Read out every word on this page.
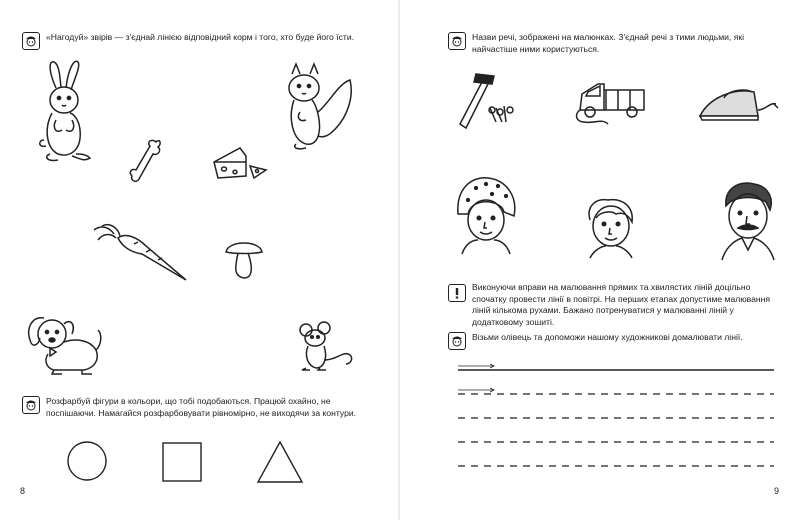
«Нагодуй» звірів — з'єднай лінією відповідний корм і того, хто буде його їсти.
Розфарбуй фігури в кольори, що тобі подобаються. Працюй охайно, не поспішаючи. Намагайся розфарбовувати рівномірно, не виходячи за контури.
8
Назви речі, зображені на малюнках. З'єднай речі з тими людьми, які найчастіше ними користуються.
Виконуючи вправи на малювання прямих та хвилястих ліній доцільно спочатку провести лінії в повітрі. На перших етапах допустиме малювання ліній кількома рухами. Бажано потренуватися у малюванні ліній у додатковому зошиті.
Візьми олівець та допоможи нашому художникові домалювати лінії.
9
